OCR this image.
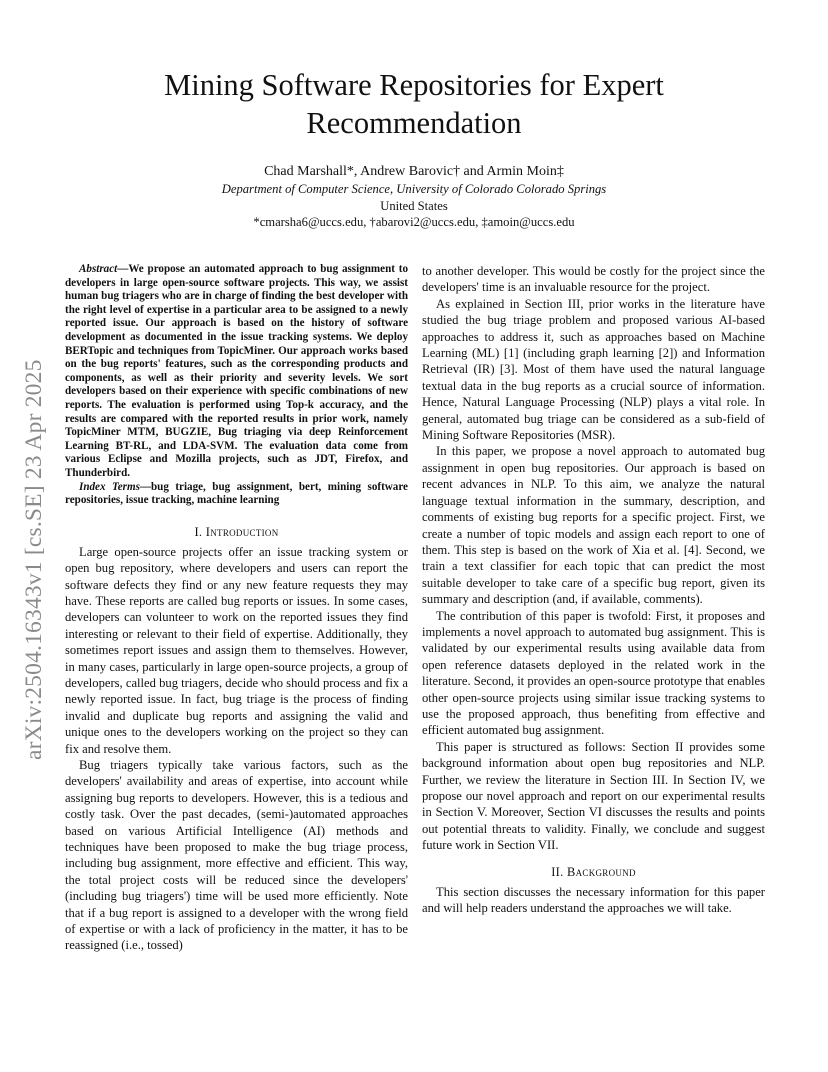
arXiv:2504.16343v1 [cs.SE] 23 Apr 2025
Mining Software Repositories for Expert
Recommendation
Chad Marshall*, Andrew Barovic† and Armin Moin‡
Department of Computer Science, University of Colorado Colorado Springs
United States
*cmarsha6@uccs.edu, †abarovi2@uccs.edu, ‡amoin@uccs.edu

Abstract—We propose an automated approach to bug assignment to developers in large open-source software projects. This way, we assist human bug triagers who are in charge of finding the best developer with the right level of expertise in a particular area to be assigned to a newly reported issue. Our approach is based on the history of software development as documented in the issue tracking systems. We deploy BERTopic and techniques from TopicMiner. Our approach works based on the bug reports' features, such as the corresponding products and components, as well as their priority and severity levels. We sort developers based on their experience with specific combinations of new reports. The evaluation is performed using Top-k accuracy, and the results are compared with the reported results in prior work, namely TopicMiner MTM, BUGZIE, Bug triaging via deep Reinforcement Learning BT-RL, and LDA-SVM. The evaluation data come from various Eclipse and Mozilla projects, such as JDT, Firefox, and Thunderbird.

Index Terms—bug triage, bug assignment, bert, mining software repositories, issue tracking, machine learning

I. Introduction

Large open-source projects offer an issue tracking system or open bug repository, where developers and users can report the software defects they find or any new feature requests they may have. These reports are called bug reports or issues. In some cases, developers can volunteer to work on the reported issues they find interesting or relevant to their field of expertise. Additionally, they sometimes report issues and assign them to themselves. However, in many cases, particularly in large open-source projects, a group of developers, called bug triagers, decide who should process and fix a newly reported issue. In fact, bug triage is the process of finding invalid and duplicate bug reports and assigning the valid and unique ones to the developers working on the project so they can fix and resolve them.

Bug triagers typically take various factors, such as the developers' availability and areas of expertise, into account while assigning bug reports to developers. However, this is a tedious and costly task. Over the past decades, (semi-)automated approaches based on various Artificial Intelligence (AI) methods and techniques have been proposed to make the bug triage process, including bug assignment, more effective and efficient. This way, the total project costs will be reduced since the developers' (including bug triagers') time will be used more efficiently. Note that if a bug report is assigned to a developer with the wrong field of expertise or with a lack of proficiency in the matter, it has to be reassigned (i.e., tossed)

to another developer. This would be costly for the project since the developers' time is an invaluable resource for the project.

As explained in Section III, prior works in the literature have studied the bug triage problem and proposed various AI-based approaches to address it, such as approaches based on Machine Learning (ML) [1] (including graph learning [2]) and Information Retrieval (IR) [3]. Most of them have used the natural language textual data in the bug reports as a crucial source of information. Hence, Natural Language Processing (NLP) plays a vital role. In general, automated bug triage can be considered as a sub-field of Mining Software Repositories (MSR).

In this paper, we propose a novel approach to automated bug assignment in open bug repositories. Our approach is based on recent advances in NLP. To this aim, we analyze the natural language textual information in the summary, description, and comments of existing bug reports for a specific project. First, we create a number of topic models and assign each report to one of them. This step is based on the work of Xia et al. [4]. Second, we train a text classifier for each topic that can predict the most suitable developer to take care of a specific bug report, given its summary and description (and, if available, comments).

The contribution of this paper is twofold: First, it proposes and implements a novel approach to automated bug assignment. This is validated by our experimental results using available data from open reference datasets deployed in the related work in the literature. Second, it provides an open-source prototype that enables other open-source projects using similar issue tracking systems to use the proposed approach, thus benefiting from effective and efficient automated bug assignment.

This paper is structured as follows: Section II provides some background information about open bug repositories and NLP. Further, we review the literature in Section III. In Section IV, we propose our novel approach and report on our experimental results in Section V. Moreover, Section VI discusses the results and points out potential threats to validity. Finally, we conclude and suggest future work in Section VII.

II. Background

This section discusses the necessary information for this paper and will help readers understand the approaches we will take.
